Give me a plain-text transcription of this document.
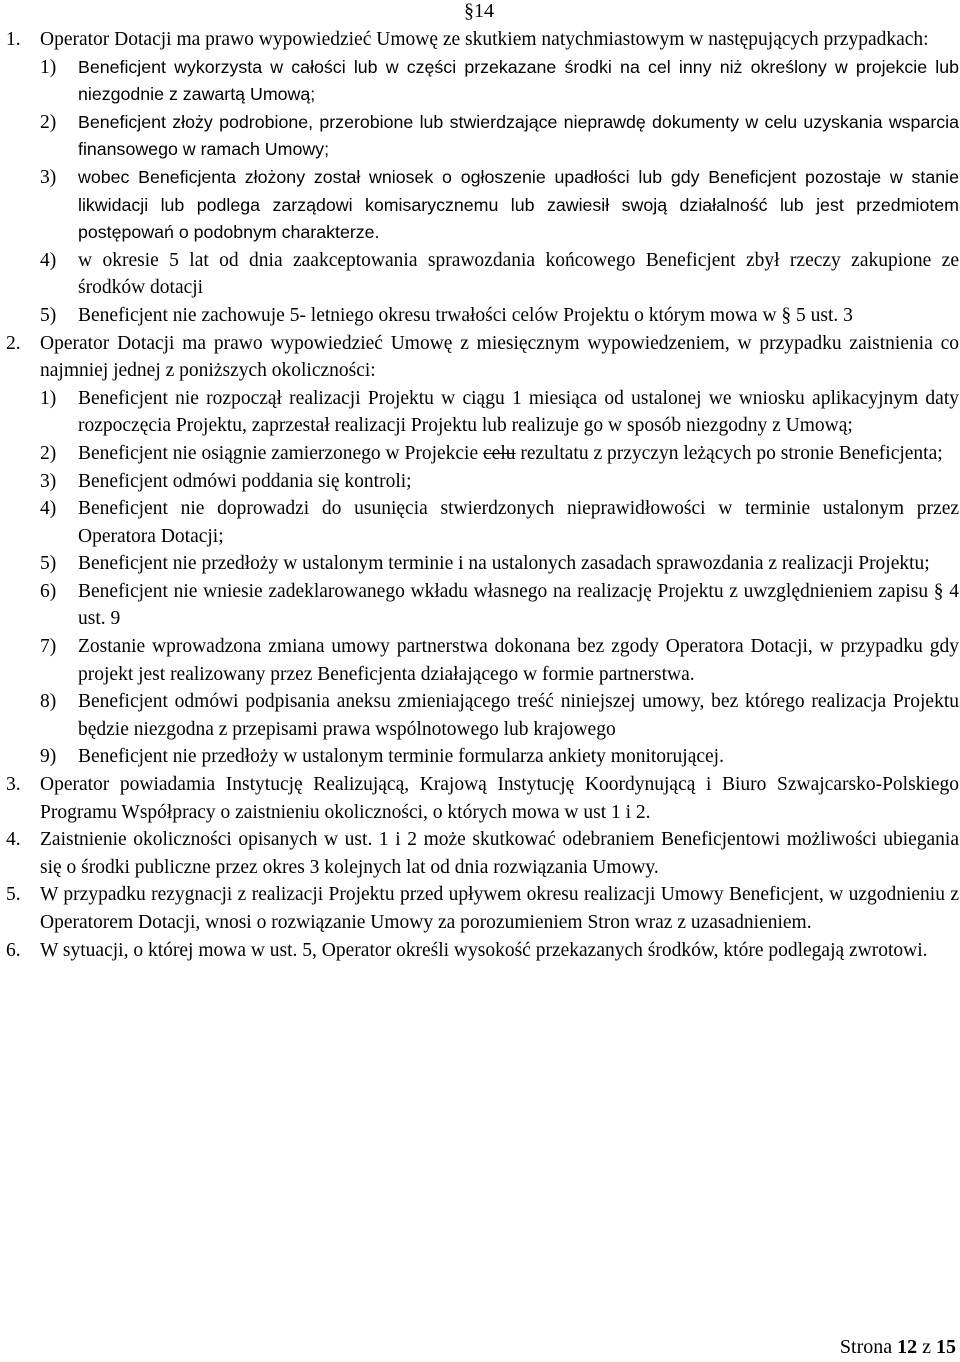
§14
1. Operator Dotacji ma prawo wypowiedzieć Umowę ze skutkiem natychmiastowym w następujących przypadkach:
1)	Beneficjent wykorzysta w całości lub w części przekazane środki na cel inny niż określony w projekcie lub niezgodnie z zawartą Umową;
2)	Beneficjent złoży podrobione, przerobione lub stwierdzające nieprawdę dokumenty w celu uzyskania wsparcia finansowego w ramach Umowy;
3)	wobec Beneficjenta złożony został wniosek o ogłoszenie upadłości lub gdy Beneficjent pozostaje w stanie likwidacji lub podlega zarządowi komisarycznemu lub zawiesił swoją działalność lub jest przedmiotem postępowań o podobnym charakterze.
4)	w okresie 5 lat od dnia zaakceptowania sprawozdania końcowego Beneficjent zbył rzeczy zakupione ze środków dotacji
5)	Beneficjent nie zachowuje 5- letniego okresu trwałości celów Projektu o którym mowa w § 5 ust. 3
2. Operator Dotacji ma prawo wypowiedzieć Umowę z miesięcznym wypowiedzeniem, w przypadku zaistnienia co najmniej jednej z poniższych okoliczności:
1)	Beneficjent nie rozpoczął realizacji Projektu w ciągu 1 miesiąca od ustalonej we wniosku aplikacyjnym daty rozpoczęcia Projektu, zaprzestał realizacji Projektu lub realizuje go w sposób niezgodny z Umową;
2)	Beneficjent nie osiągnie zamierzonego w Projekcie celu rezultatu z przyczyn leżących po stronie Beneficjenta;
3)	Beneficjent odmówi poddania się kontroli;
4)	Beneficjent nie doprowadzi do usunięcia stwierdzonych nieprawidłowości w terminie ustalonym przez Operatora Dotacji;
5)	Beneficjent nie przedłoży w ustalonym terminie i na ustalonych zasadach sprawozdania z realizacji Projektu;
6)	Beneficjent nie wniesie zadeklarowanego wkładu własnego na realizację Projektu z uwzględnieniem zapisu § 4 ust. 9
7)	Zostanie wprowadzona zmiana umowy partnerstwa dokonana bez zgody Operatora Dotacji, w przypadku gdy projekt jest realizowany przez Beneficjenta działającego w formie partnerstwa.
8)	Beneficjent odmówi podpisania aneksu zmieniającego treść niniejszej umowy, bez którego realizacja Projektu będzie niezgodna z przepisami prawa wspólnotowego lub krajowego
9)	Beneficjent nie przedłoży w ustalonym terminie formularza ankiety monitorującej.
3. Operator powiadamia Instytucję Realizującą, Krajową Instytucję Koordynującą i Biuro Szwajcarsko-Polskiego Programu Współpracy o zaistnieniu okoliczności, o których mowa w ust 1 i 2.
4. Zaistnienie okoliczności opisanych w ust. 1 i 2 może skutkować odebraniem Beneficjentowi możliwości ubiegania się o środki publiczne przez okres 3 kolejnych lat od dnia rozwiązania Umowy.
5. W przypadku rezygnacji z realizacji Projektu przed upływem okresu realizacji Umowy Beneficjent, w uzgodnieniu z Operatorem Dotacji, wnosi o rozwiązanie Umowy za porozumieniem Stron wraz z uzasadnieniem.
6. W sytuacji, o której mowa w ust. 5, Operator określi wysokość przekazanych środków, które podlegają zwrotowi.
Strona 12 z 15
